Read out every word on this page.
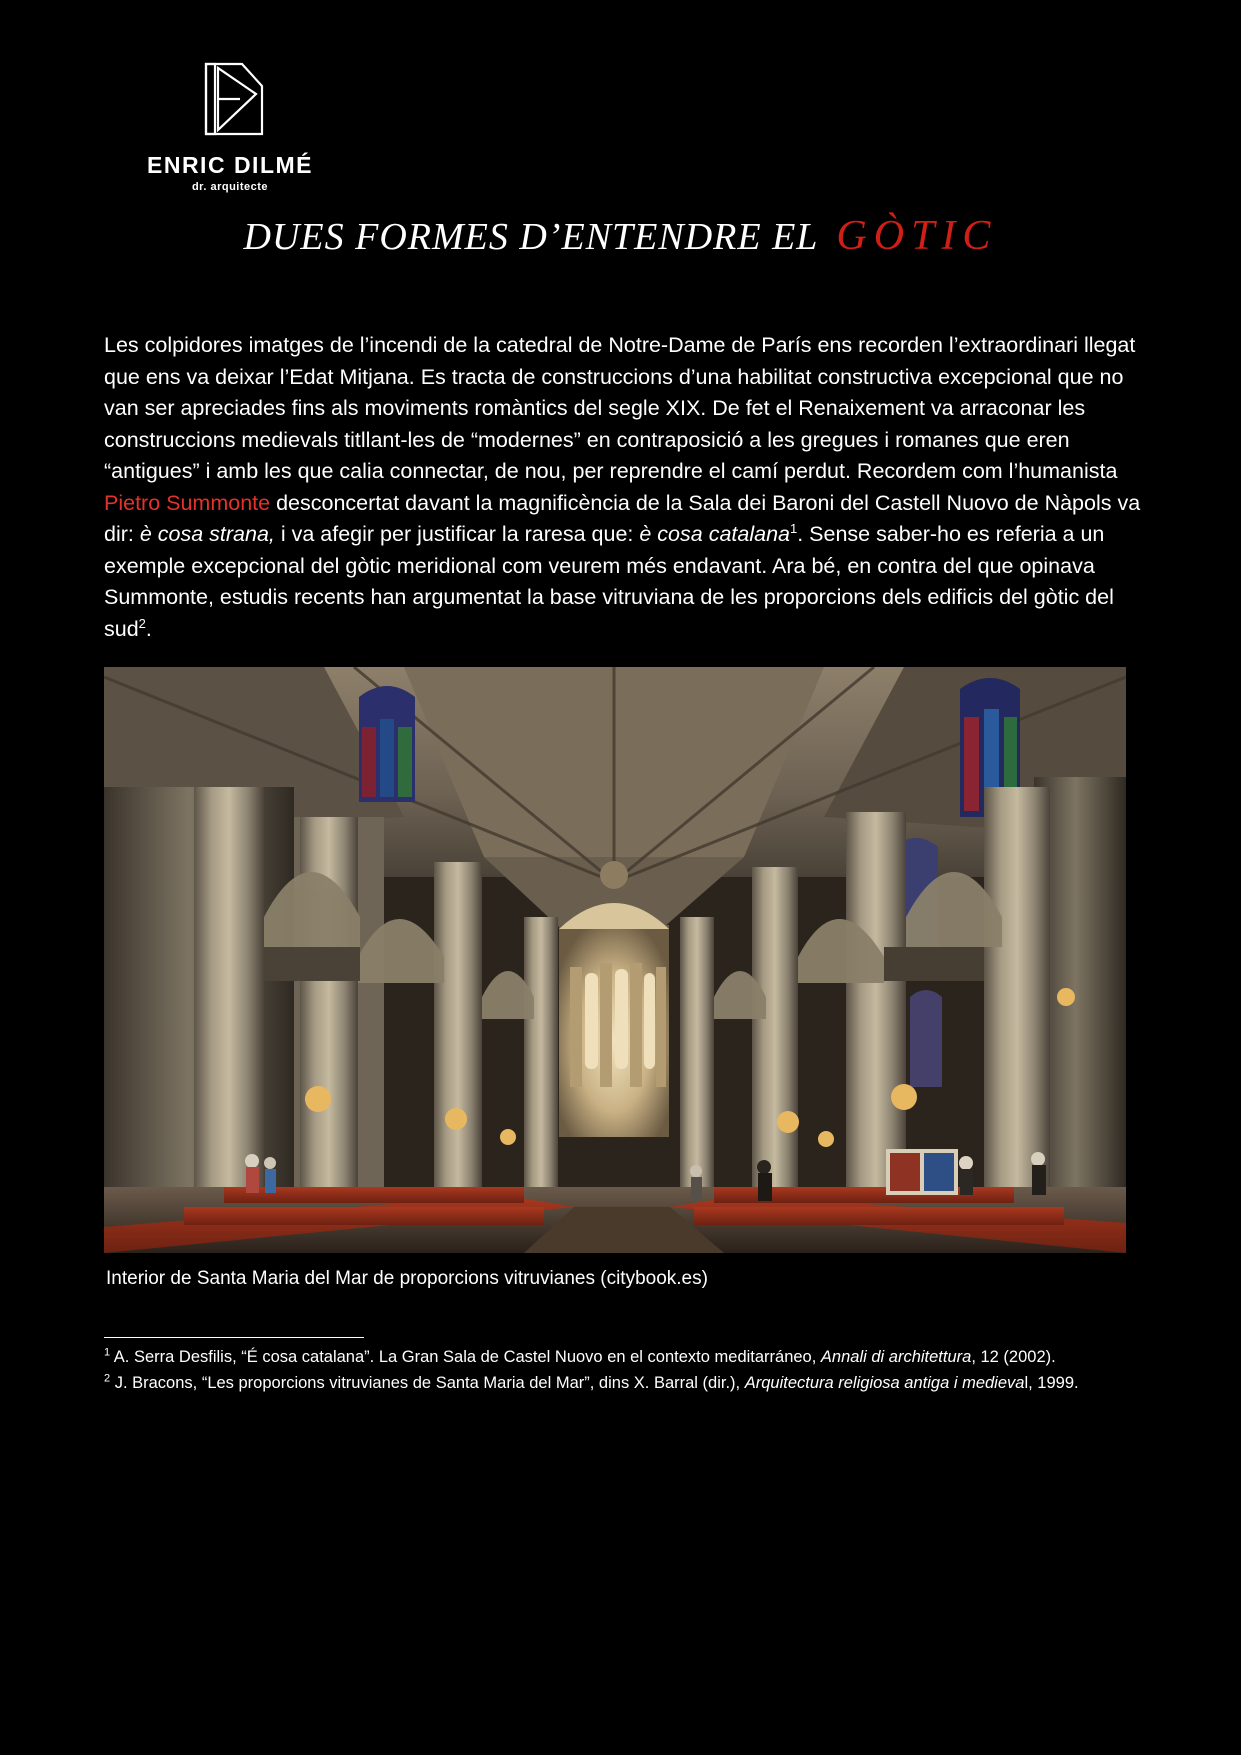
ENRIC DILMÉ
dr. arquitecte
DUES FORMES D’ENTENDRE EL GÒTIC
Les colpidores imatges de l’incendi de la catedral de Notre-Dame de París ens recorden l’extraordinari llegat que ens va deixar l’Edat Mitjana. Es tracta de construccions d’una habilitat constructiva excepcional que no van ser apreciades fins als moviments romàntics del segle XIX. De fet el Renaixement va arraconar les construccions medievals titllant-les de “modernes” en contraposició a les gregues i romanes que eren “antigues” i amb les que calia connectar, de nou, per reprendre el camí perdut. Recordem com l’humanista Pietro Summonte desconcertat davant la magnificència de la Sala dei Baroni del Castell Nuovo de Nàpols va dir: è cosa strana, i va afegir per justificar la raresa que: è cosa catalana$^1$. Sense saber-ho es referia a un exemple excepcional del gòtic meridional com veurem més endavant. Ara bé, en contra del que opinava Summonte, estudis recents han argumentat la base vitruviana de les proporcions dels edificis del gòtic del sud$^2$.
Interior de Santa Maria del Mar de proporcions vitruvianes (citybook.es)

$^1$ A. Serra Desfilis, “É cosa catalana”. La Gran Sala de Castel Nuovo en el contexto meditarráneo, Annali di architettura, 12 (2002).

$^2$ J. Bracons, “Les proporcions vitruvianes de Santa Maria del Mar”, dins X. Barral (dir.), Arquitectura religiosa antiga i medieval, 1999.
